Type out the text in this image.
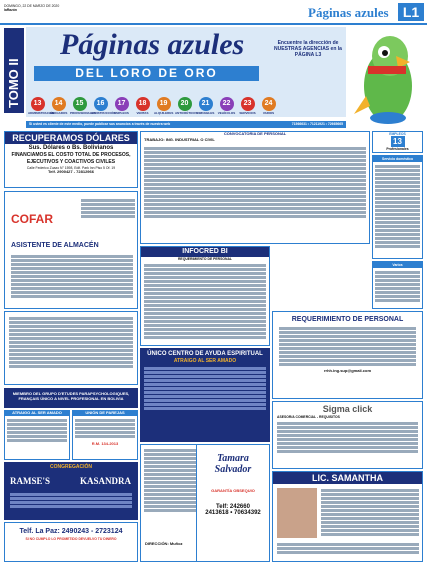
DOMINGO, 22 DE MARZO DE 2020
laRazón	Páginas azules	L1
TOMO II
Páginas azules
DEL LORO DE ORO
Encuentre la dirección de NUESTRAS AGENCIAS en la PÁGINA L3
13
ADMINISTRACIÓN
14
ABOGADOS
15
PROFESIONALES
16
CONSTRUCCIÓN
17
EMPLEOS
18
VENTAS
19
ALQUILERES
20
ANTICRÉTICOS
21
INMUEBLES
22
VEHÍCULOS
23
SERVICIOS
24
VARIOS
Si usted es cliente de este medio, puede publicar sus anuncios a través de nuestra web	71566631 • 71211921 • 72665665
RECUPERAMOS DÓLARES
Sus. Dólares o Bs. Bolivianos
FINANCIAMOS EL COSTO TOTAL DE PROCESOS,
EJECUTIVOS Y COACTIVOS CIVILES
Calle Federico Zuazo N° 1598, Edif. Park Inn Piso 5 Of. 19
Telf. 2900427 - 72812966
COFAR
ASISTENTE DE ALMACÉN
MIEMBRO DEL GRUPO D'ETUDES PARAPSYCHOLOGIQUES, FRANÇAIS ÚNICO A NIVEL PROFESIONAL EN BOLIVIA
ATRAIGO AL SER AMADO	UNIÓN DE PAREJAS
R.M. 134-2013
CONGREGACIÓN
RAMSE'S	KASANDRA
Telf. La Paz: 2490243 - 2723124
SI NO CUMPLO LO PROMETIDO DEVUELVO TU DINERO
CONVOCATORIA DE PERSONAL
TRABAJO: ING. INDUSTRIAL O CIVIL
INFOCRED BI
REQUERIMIENTO DE PERSONAL
ÚNICO CENTRO DE AYUDA ESPIRITUAL
ATRAIGO AL SER AMADO
DIRECCIÓN: Muñoz
Tamara
Salvador
GARANTÍA OBSEQUIO
Telf: 242660
2413618 • 70634392
EMPLEOS
13
Profesionales
Servicio doméstico
Varios
REQUERIMIENTO DE PERSONAL
rrhh.ing.sup@gmail.com
Sigma click
ASESOR/A COMERCIAL - REQUISITOS
LIC. SAMANTHA
